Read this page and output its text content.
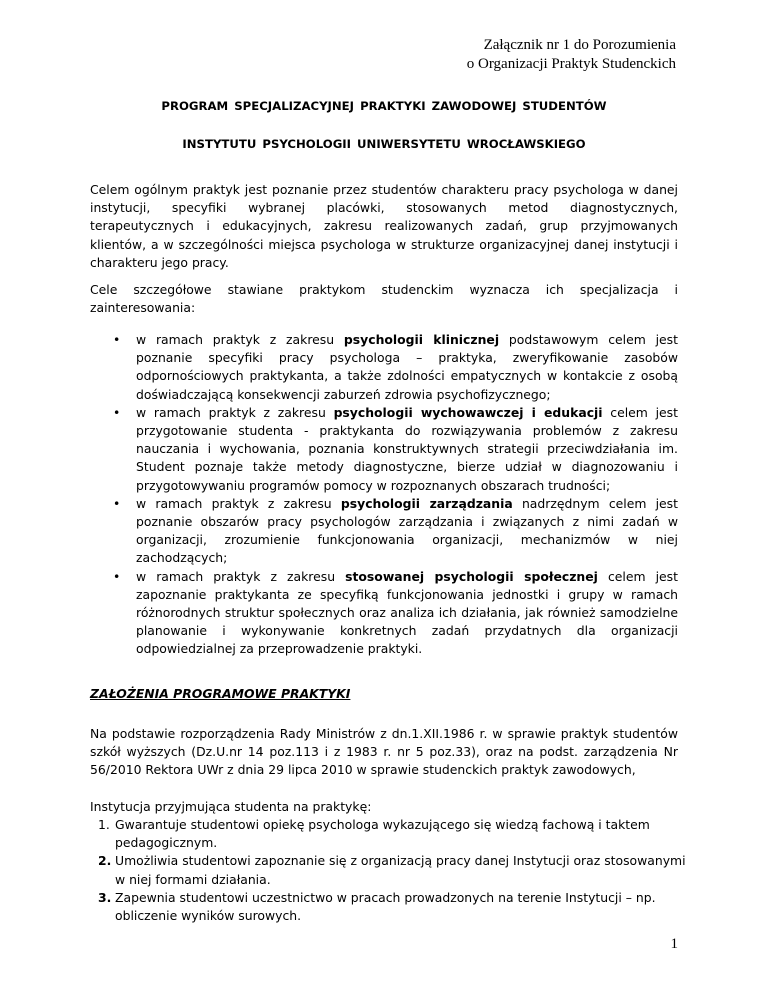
Załącznik nr 1 do Porozumienia
o Organizacji Praktyk Studenckich
PROGRAM SPECJALIZACYJNEJ PRAKTYKI ZAWODOWEJ STUDENTÓW
INSTYTUTU PSYCHOLOGII UNIWERSYTETU WROCŁAWSKIEGO
Celem ogólnym praktyk jest poznanie przez studentów charakteru pracy psychologa w danej instytucji, specyfiki wybranej placówki, stosowanych metod diagnostycznych, terapeutycznych i edukacyjnych, zakresu realizowanych zadań, grup przyjmowanych klientów, a w szczególności miejsca psychologa w strukturze organizacyjnej danej instytucji i charakteru jego pracy.
Cele szczegółowe stawiane praktykom studenckim wyznacza ich specjalizacja i zainteresowania:
• w ramach praktyk z zakresu psychologii klinicznej podstawowym celem jest poznanie specyfiki pracy psychologa – praktyka, zweryfikowanie zasobów odpornościowych praktykanta, a także zdolności empatycznych w kontakcie z osobą doświadczającą konsekwencji zaburzeń zdrowia psychofizycznego;
• w ramach praktyk z zakresu psychologii wychowawczej i edukacji celem jest przygotowanie studenta - praktykanta do rozwiązywania problemów z zakresu nauczania i wychowania, poznania konstruktywnych strategii przeciwdziałania im. Student poznaje także metody diagnostyczne, bierze udział w diagnozowaniu i przygotowywaniu programów pomocy w rozpoznanych obszarach trudności;
• w ramach praktyk z zakresu psychologii zarządzania nadrzędnym celem jest poznanie obszarów pracy psychologów zarządzania i związanych z nimi zadań w organizacji, zrozumienie funkcjonowania organizacji, mechanizmów w niej zachodzących;
• w ramach praktyk z zakresu stosowanej psychologii społecznej celem jest zapoznanie praktykanta ze specyfiką funkcjonowania jednostki i grupy w ramach różnorodnych struktur społecznych oraz analiza ich działania, jak również samodzielne planowanie i wykonywanie konkretnych zadań przydatnych dla organizacji odpowiedzialnej za przeprowadzenie praktyki.
ZAŁOŻENIA PROGRAMOWE PRAKTYKI
Na podstawie rozporządzenia Rady Ministrów z dn.1.XII.1986 r. w sprawie praktyk studentów szkół wyższych (Dz.U.nr 14 poz.113 i z 1983 r. nr 5 poz.33), oraz na podst. zarządzenia Nr 56/2010 Rektora UWr z dnia 29 lipca 2010 w sprawie studenckich praktyk zawodowych,
Instytucja przyjmująca studenta na praktykę:
1. Gwarantuje studentowi opiekę psychologa wykazującego się wiedzą fachową i taktem pedagogicznym.
2. Umożliwia studentowi zapoznanie się z organizacją pracy danej Instytucji oraz stosowanymi w niej formami działania.
3. Zapewnia studentowi uczestnictwo w pracach prowadzonych na terenie Instytucji – np. obliczenie wyników surowych.
1
